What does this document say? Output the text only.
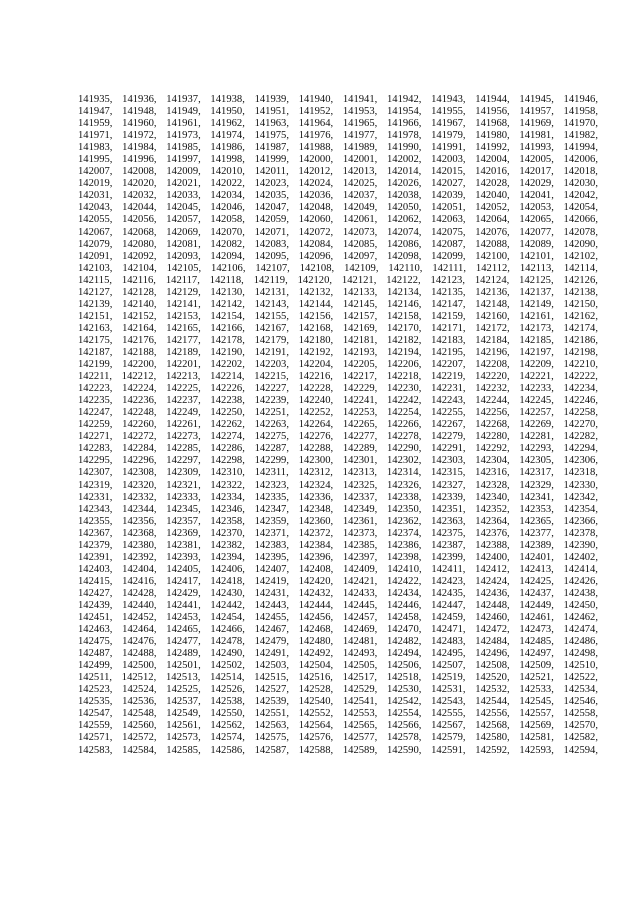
141935, 141936, 141937, 141938, 141939, 141940, 141941, 141942, 141943, 141944, 141945, 141946,
141947, 141948, 141949, 141950, 141951, 141952, 141953, 141954, 141955, 141956, 141957, 141958,
141959, 141960, 141961, 141962, 141963, 141964, 141965, 141966, 141967, 141968, 141969, 141970,
141971, 141972, 141973, 141974, 141975, 141976, 141977, 141978, 141979, 141980, 141981, 141982,
141983, 141984, 141985, 141986, 141987, 141988, 141989, 141990, 141991, 141992, 141993, 141994,
141995, 141996, 141997, 141998, 141999, 142000, 142001, 142002, 142003, 142004, 142005, 142006,
142007, 142008, 142009, 142010, 142011, 142012, 142013, 142014, 142015, 142016, 142017, 142018,
142019, 142020, 142021, 142022, 142023, 142024, 142025, 142026, 142027, 142028, 142029, 142030,
142031, 142032, 142033, 142034, 142035, 142036, 142037, 142038, 142039, 142040, 142041, 142042,
142043, 142044, 142045, 142046, 142047, 142048, 142049, 142050, 142051, 142052, 142053, 142054,
142055, 142056, 142057, 142058, 142059, 142060, 142061, 142062, 142063, 142064, 142065, 142066,
142067, 142068, 142069, 142070, 142071, 142072, 142073, 142074, 142075, 142076, 142077, 142078,
142079, 142080, 142081, 142082, 142083, 142084, 142085, 142086, 142087, 142088, 142089, 142090,
142091, 142092, 142093, 142094, 142095, 142096, 142097, 142098, 142099, 142100, 142101, 142102,
142103, 142104, 142105, 142106, 142107, 142108, 142109, 142110, 142111, 142112, 142113, 142114,
142115, 142116, 142117, 142118, 142119, 142120, 142121, 142122, 142123, 142124, 142125, 142126,
142127, 142128, 142129, 142130, 142131, 142132, 142133, 142134, 142135, 142136, 142137, 142138,
142139, 142140, 142141, 142142, 142143, 142144, 142145, 142146, 142147, 142148, 142149, 142150,
142151, 142152, 142153, 142154, 142155, 142156, 142157, 142158, 142159, 142160, 142161, 142162,
142163, 142164, 142165, 142166, 142167, 142168, 142169, 142170, 142171, 142172, 142173, 142174,
142175, 142176, 142177, 142178, 142179, 142180, 142181, 142182, 142183, 142184, 142185, 142186,
142187, 142188, 142189, 142190, 142191, 142192, 142193, 142194, 142195, 142196, 142197, 142198,
142199, 142200, 142201, 142202, 142203, 142204, 142205, 142206, 142207, 142208, 142209, 142210,
142211, 142212, 142213, 142214, 142215, 142216, 142217, 142218, 142219, 142220, 142221, 142222,
142223, 142224, 142225, 142226, 142227, 142228, 142229, 142230, 142231, 142232, 142233, 142234,
142235, 142236, 142237, 142238, 142239, 142240, 142241, 142242, 142243, 142244, 142245, 142246,
142247, 142248, 142249, 142250, 142251, 142252, 142253, 142254, 142255, 142256, 142257, 142258,
142259, 142260, 142261, 142262, 142263, 142264, 142265, 142266, 142267, 142268, 142269, 142270,
142271, 142272, 142273, 142274, 142275, 142276, 142277, 142278, 142279, 142280, 142281, 142282,
142283, 142284, 142285, 142286, 142287, 142288, 142289, 142290, 142291, 142292, 142293, 142294,
142295, 142296, 142297, 142298, 142299, 142300, 142301, 142302, 142303, 142304, 142305, 142306,
142307, 142308, 142309, 142310, 142311, 142312, 142313, 142314, 142315, 142316, 142317, 142318,
142319, 142320, 142321, 142322, 142323, 142324, 142325, 142326, 142327, 142328, 142329, 142330,
142331, 142332, 142333, 142334, 142335, 142336, 142337, 142338, 142339, 142340, 142341, 142342,
142343, 142344, 142345, 142346, 142347, 142348, 142349, 142350, 142351, 142352, 142353, 142354,
142355, 142356, 142357, 142358, 142359, 142360, 142361, 142362, 142363, 142364, 142365, 142366,
142367, 142368, 142369, 142370, 142371, 142372, 142373, 142374, 142375, 142376, 142377, 142378,
142379, 142380, 142381, 142382, 142383, 142384, 142385, 142386, 142387, 142388, 142389, 142390,
142391, 142392, 142393, 142394, 142395, 142396, 142397, 142398, 142399, 142400, 142401, 142402,
142403, 142404, 142405, 142406, 142407, 142408, 142409, 142410, 142411, 142412, 142413, 142414,
142415, 142416, 142417, 142418, 142419, 142420, 142421, 142422, 142423, 142424, 142425, 142426,
142427, 142428, 142429, 142430, 142431, 142432, 142433, 142434, 142435, 142436, 142437, 142438,
142439, 142440, 142441, 142442, 142443, 142444, 142445, 142446, 142447, 142448, 142449, 142450,
142451, 142452, 142453, 142454, 142455, 142456, 142457, 142458, 142459, 142460, 142461, 142462,
142463, 142464, 142465, 142466, 142467, 142468, 142469, 142470, 142471, 142472, 142473, 142474,
142475, 142476, 142477, 142478, 142479, 142480, 142481, 142482, 142483, 142484, 142485, 142486,
142487, 142488, 142489, 142490, 142491, 142492, 142493, 142494, 142495, 142496, 142497, 142498,
142499, 142500, 142501, 142502, 142503, 142504, 142505, 142506, 142507, 142508, 142509, 142510,
142511, 142512, 142513, 142514, 142515, 142516, 142517, 142518, 142519, 142520, 142521, 142522,
142523, 142524, 142525, 142526, 142527, 142528, 142529, 142530, 142531, 142532, 142533, 142534,
142535, 142536, 142537, 142538, 142539, 142540, 142541, 142542, 142543, 142544, 142545, 142546,
142547, 142548, 142549, 142550, 142551, 142552, 142553, 142554, 142555, 142556, 142557, 142558,
142559, 142560, 142561, 142562, 142563, 142564, 142565, 142566, 142567, 142568, 142569, 142570,
142571, 142572, 142573, 142574, 142575, 142576, 142577, 142578, 142579, 142580, 142581, 142582,
142583, 142584, 142585, 142586, 142587, 142588, 142589, 142590, 142591, 142592, 142593, 142594,
